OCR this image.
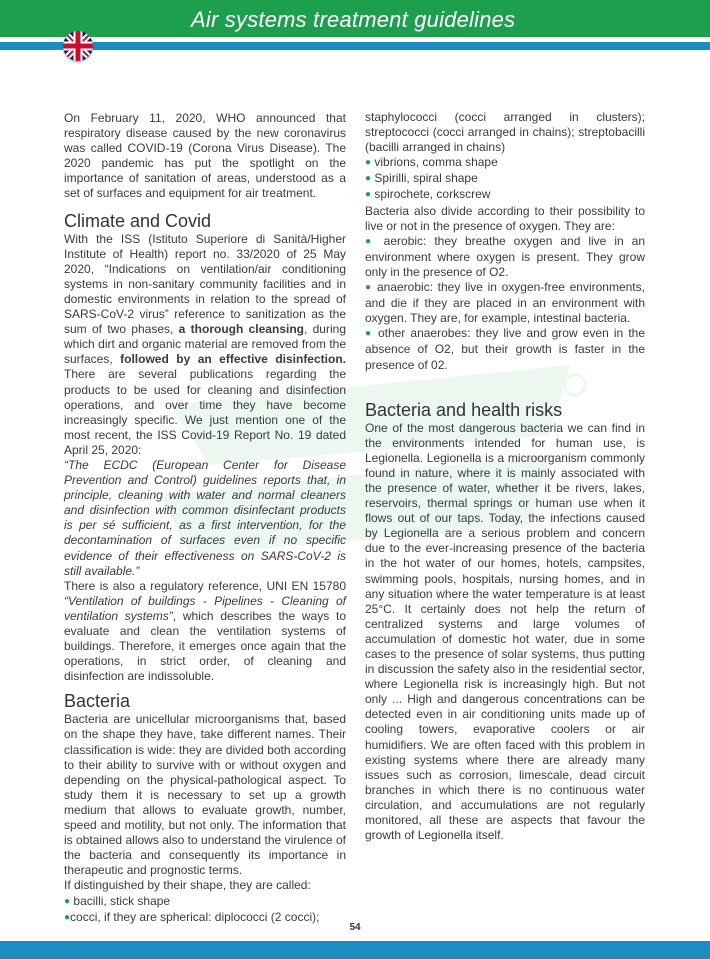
Air systems treatment guidelines

On February 11, 2020, WHO announced that respiratory disease caused by the new coronavirus was called COVID-19 (Corona Virus Disease). The 2020 pandemic has put the spotlight on the importance of sanitation of areas, understood as a set of surfaces and equipment for air treatment.

Climate and Covid

With the ISS (Istituto Superiore di Sanità/Higher Institute of Health) report no. 33/2020 of 25 May 2020, “Indications on ventilation/air conditioning systems in non-sanitary community facilities and in domestic environments in relation to the spread of SARS-CoV-2 virus” reference to sanitization as the sum of two phases, a thorough cleansing, during which dirt and organic material are removed from the surfaces, followed by an effective disinfection. There are several publications regarding the products to be used for cleaning and disinfection operations, and over time they have become increasingly specific. We just mention one of the most recent, the ISS Covid-19 Report No. 19 dated April 25, 2020:

“The ECDC (European Center for Disease Prevention and Control) guidelines reports that, in principle, cleaning with water and normal cleaners and disinfection with common disinfectant products is per sé sufficient, as a first intervention, for the decontamination of surfaces even if no specific evidence of their effectiveness on SARS-CoV-2 is still available.”

There is also a regulatory reference, UNI EN 15780 “Ventilation of buildings - Pipelines - Cleaning of ventilation systems”, which describes the ways to evaluate and clean the ventilation systems of buildings. Therefore, it emerges once again that the operations, in strict order, of cleaning and disinfection are indissoluble.

Bacteria

Bacteria are unicellular microorganisms that, based on the shape they have, take different names. Their classification is wide: they are divided both according to their ability to survive with or without oxygen and depending on the physical-pathological aspect. To study them it is necessary to set up a growth medium that allows to evaluate growth, number, speed and motility, but not only. The information that is obtained allows also to understand the virulence of the bacteria and consequently its importance in therapeutic and prognostic terms.

If distinguished by their shape, they are called:

● bacilli, stick shape

●cocci, if they are spherical: diplococci (2 cocci);

staphylococci (cocci arranged in clusters); streptococci (cocci arranged in chains); streptobacilli (bacilli arranged in chains)

● vibrions, comma shape

● Spirilli, spiral shape

● spirochete, corkscrew

Bacteria also divide according to their possibility to live or not in the presence of oxygen. They are:

● aerobic: they breathe oxygen and live in an environment where oxygen is present. They grow only in the presence of O2.

● anaerobic: they live in oxygen-free environments, and die if they are placed in an environment with oxygen. They are, for example, intestinal bacteria.

● other anaerobes: they live and grow even in the absence of O2, but their growth is faster in the presence of 02.

Bacteria and health risks

One of the most dangerous bacteria we can find in the environments intended for human use, is Legionella. Legionella is a microorganism commonly found in nature, where it is mainly associated with the presence of water, whether it be rivers, lakes, reservoirs, thermal springs or human use when it flows out of our taps. Today, the infections caused by Legionella are a serious problem and concern due to the ever-increasing presence of the bacteria in the hot water of our homes, hotels, campsites, swimming pools, hospitals, nursing homes, and in any situation where the water temperature is at least 25°C. It certainly does not help the return of centralized systems and large volumes of accumulation of domestic hot water, due in some cases to the presence of solar systems, thus putting in discussion the safety also in the residential sector, where Legionella risk is increasingly high. But not only ... High and dangerous concentrations can be detected even in air conditioning units made up of cooling towers, evaporative coolers or air humidifiers. We are often faced with this problem in existing systems where there are already many issues such as corrosion, limescale, dead circuit branches in which there is no continuous water circulation, and accumulations are not regularly monitored, all these are aspects that favour the growth of Legionella itself.

54
